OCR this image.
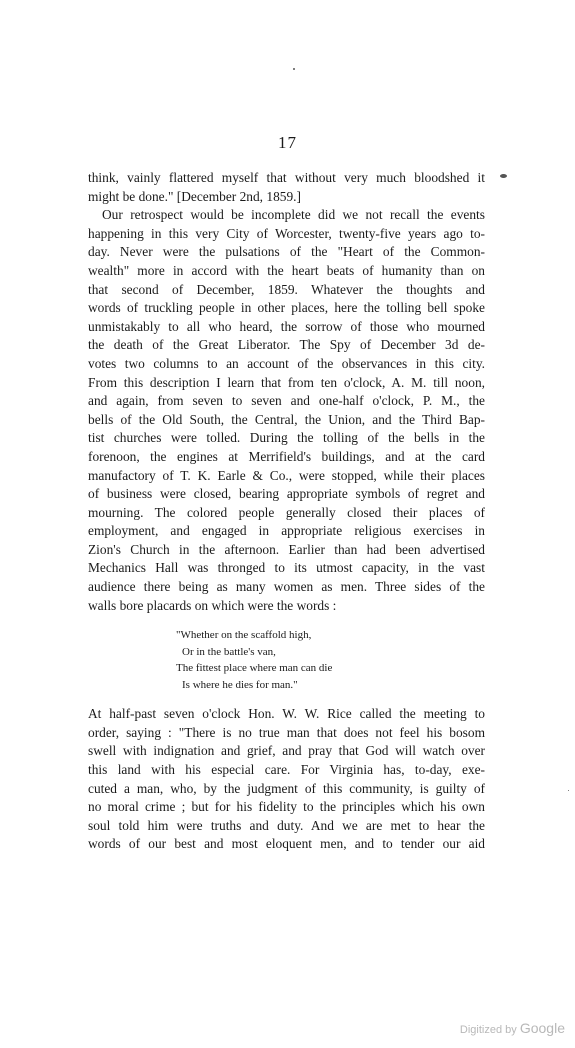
17
think, vainly flattered myself that without very much bloodshed it
might be done." [December 2nd, 1859.]
Our retrospect would be incomplete did we not recall the events
happening in this very City of Worcester, twenty-five years ago to-
day. Never were the pulsations of the "Heart of the Common-
wealth" more in accord with the heart beats of humanity than on
that second of December, 1859. Whatever the thoughts and
words of truckling people in other places, here the tolling bell spoke
unmistakably to all who heard, the sorrow of those who mourned
the death of the Great Liberator. The Spy of December 3d de-
votes two columns to an account of the observances in this city.
From this description I learn that from ten o'clock, A. M. till noon,
and again, from seven to seven and one-half o'clock, P. M., the
bells of the Old South, the Central, the Union, and the Third Bap-
tist churches were tolled. During the tolling of the bells in the
forenoon, the engines at Merrifield's buildings, and at the card
manufactory of T. K. Earle & Co., were stopped, while their places
of business were closed, bearing appropriate symbols of regret and
mourning. The colored people generally closed their places of
employment, and engaged in appropriate religious exercises in
Zion's Church in the afternoon. Earlier than had been advertised
Mechanics Hall was thronged to its utmost capacity, in the vast
audience there being as many women as men. Three sides of the
walls bore placards on which were the words :
"Whether on the scaffold high,
Or in the battle's van,
The fittest place where man can die
Is where he dies for man."
At half-past seven o'clock Hon. W. W. Rice called the meeting to
order, saying : "There is no true man that does not feel his bosom
swell with indignation and grief, and pray that God will watch over
this land with his especial care. For Virginia has, to-day, exe-
cuted a man, who, by the judgment of this community, is guilty of
no moral crime ; but for his fidelity to the principles which his own
soul told him were truths and duty. And we are met to hear the
words of our best and most eloquent men, and to tender our aid
Digitized by Google
